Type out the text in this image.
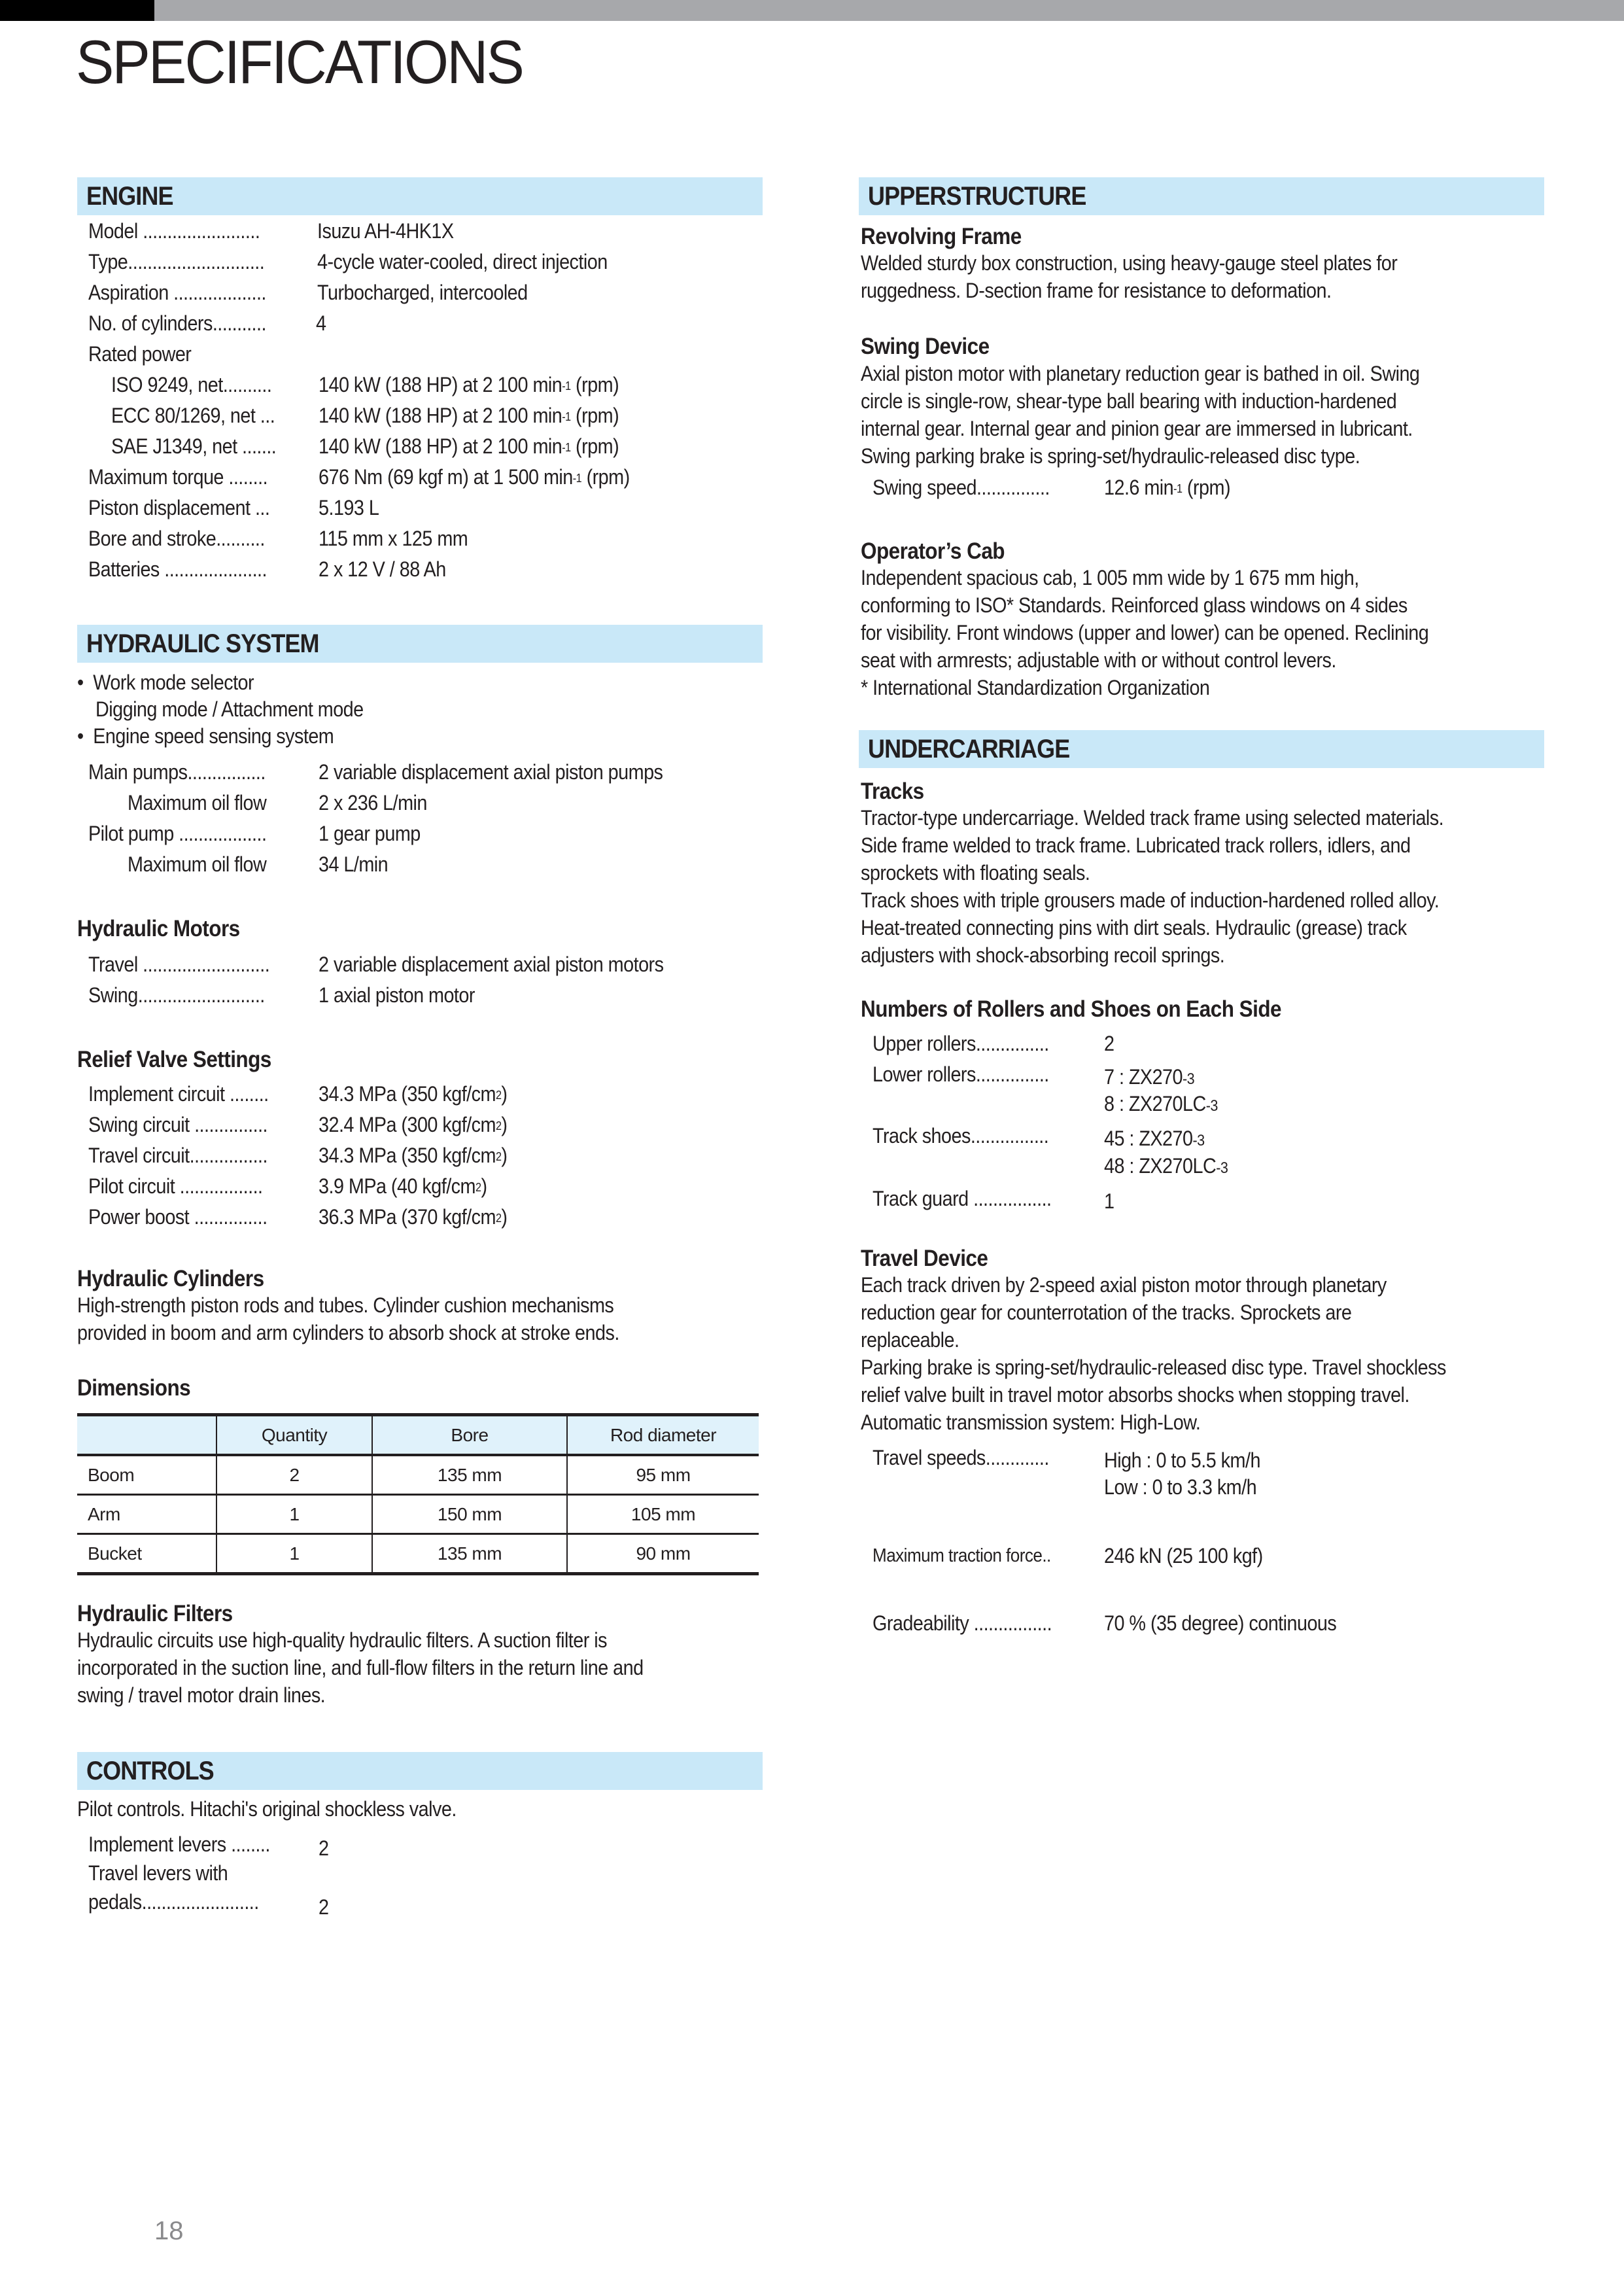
SPECIFICATIONS
ENGINE
Model ........................	Isuzu AH-4HK1X
Type............................	4-cycle water-cooled, direct injection
Aspiration ................... Turbocharged, intercooled
No. of cylinders........... 4
Rated power
ISO 9249, net.......... 140 kW (188 HP) at 2 100 $\min^{-1} (rpm)$
ECC 80/1269, net ... 140 kW (188 HP) at 2 100 $\min^{-1} (rpm)$
SAE J1349, net ....... 140 kW (188 HP) at 2 100 $\min^{-1} (rpm)$
Maximum torque ........ 676 Nm (69 kgf m) at 1 500 $\min^{-1} (rpm)$
Piston displacement ... 5.193 L
Bore and stroke..........	115 mm x 125 mm
Batteries ..................... 2 x 12 V / 88 Ah
HYDRAULIC SYSTEM
• Work mode selector
Digging mode / Attachment mode
• Engine speed sensing system
Main pumps................	2 variable displacement axial piston pumps
Maximum oil flow 2 x 236 L/min
Pilot pump .................. 1 gear pump
Maximum oil flow 34 L/min
Hydraulic Motors
Travel .......................... 2 variable displacement axial piston motors
Swing..........................	1 axial piston motor
Relief Valve Settings
Implement circuit ........ 34.3 MPa (350 kgf/$cm^2$)
Swing circuit ............... 32.4 MPa (300 kgf/$cm^2$)
Travel circuit................ 34.3 MPa (350 kgf/$cm^2$)
Pilot circuit .................	3.9 MPa (40 kgf/$cm^2$)
Power boost ............... 36.3 MPa (370 kgf/$cm^2$)
Hydraulic Cylinders
High-strength piston rods and tubes. Cylinder cushion mechanisms
provided in boom and arm cylinders to absorb shock at stroke ends.
Dimensions
	Quantity	Bore	Rod diameter
Boom	2	135 mm	95 mm
Arm	1	150 mm	105 mm
Bucket	1	135 mm	90 mm
Hydraulic Filters
Hydraulic circuits use high-quality hydraulic filters. A suction filter is
incorporated in the suction line, and full-flow filters in the return line and
swing / travel motor drain lines.
CONTROLS
Pilot controls. Hitachi's original shockless valve.
Implement levers ........ 2
Travel levers with
pedals........................	2
UPPERSTRUCTURE
Revolving Frame
Welded sturdy box construction, using heavy-gauge steel plates for
ruggedness. D-section frame for resistance to deformation.
Swing Device
Axial piston motor with planetary reduction gear is bathed in oil. Swing
circle is single-row, shear-type ball bearing with induction-hardened
internal gear. Internal gear and pinion gear are immersed in lubricant.
Swing parking brake is spring-set/hydraulic-released disc type.
Swing speed...............	12.6 $\min^{-1} (rpm)$
Operator’s Cab
Independent spacious cab, 1 005 mm wide by 1 675 mm high,
conforming to ISO* Standards. Reinforced glass windows on 4 sides
for visibility. Front windows (upper and lower) can be opened. Reclining
seat with armrests; adjustable with or without control levers.
* International Standardization Organization
UNDERCARRIAGE
Tracks
Tractor-type undercarriage. Welded track frame using selected materials.
Side frame welded to track frame. Lubricated track rollers, idlers, and
sprockets with floating seals.
Track shoes with triple grousers made of induction-hardened rolled alloy.
Heat-treated connecting pins with dirt seals. Hydraulic (grease) track
adjusters with shock-absorbing recoil springs.
Numbers of Rollers and Shoes on Each Side
Upper rollers...............	2
Lower rollers...............	7 : ZX270-3
8 : ZX270LC-3
Track shoes................	45 : ZX270-3
48 : ZX270LC-3
Track guard ................	1
Travel Device
Each track driven by 2-speed axial piston motor through planetary
reduction gear for counterrotation of the tracks. Sprockets are
replaceable.
Parking brake is spring-set/hydraulic-released disc type. Travel shockless
relief valve built in travel motor absorbs shocks when stopping travel.
Automatic transmission system: High-Low.
Travel speeds.............	High : 0 to 5.5 km/h
Low : 0 to 3.3 km/h
Maximum traction force..	246 kN (25 100 kgf)
Gradeability ................ 70 % (35 degree) continuous
18
